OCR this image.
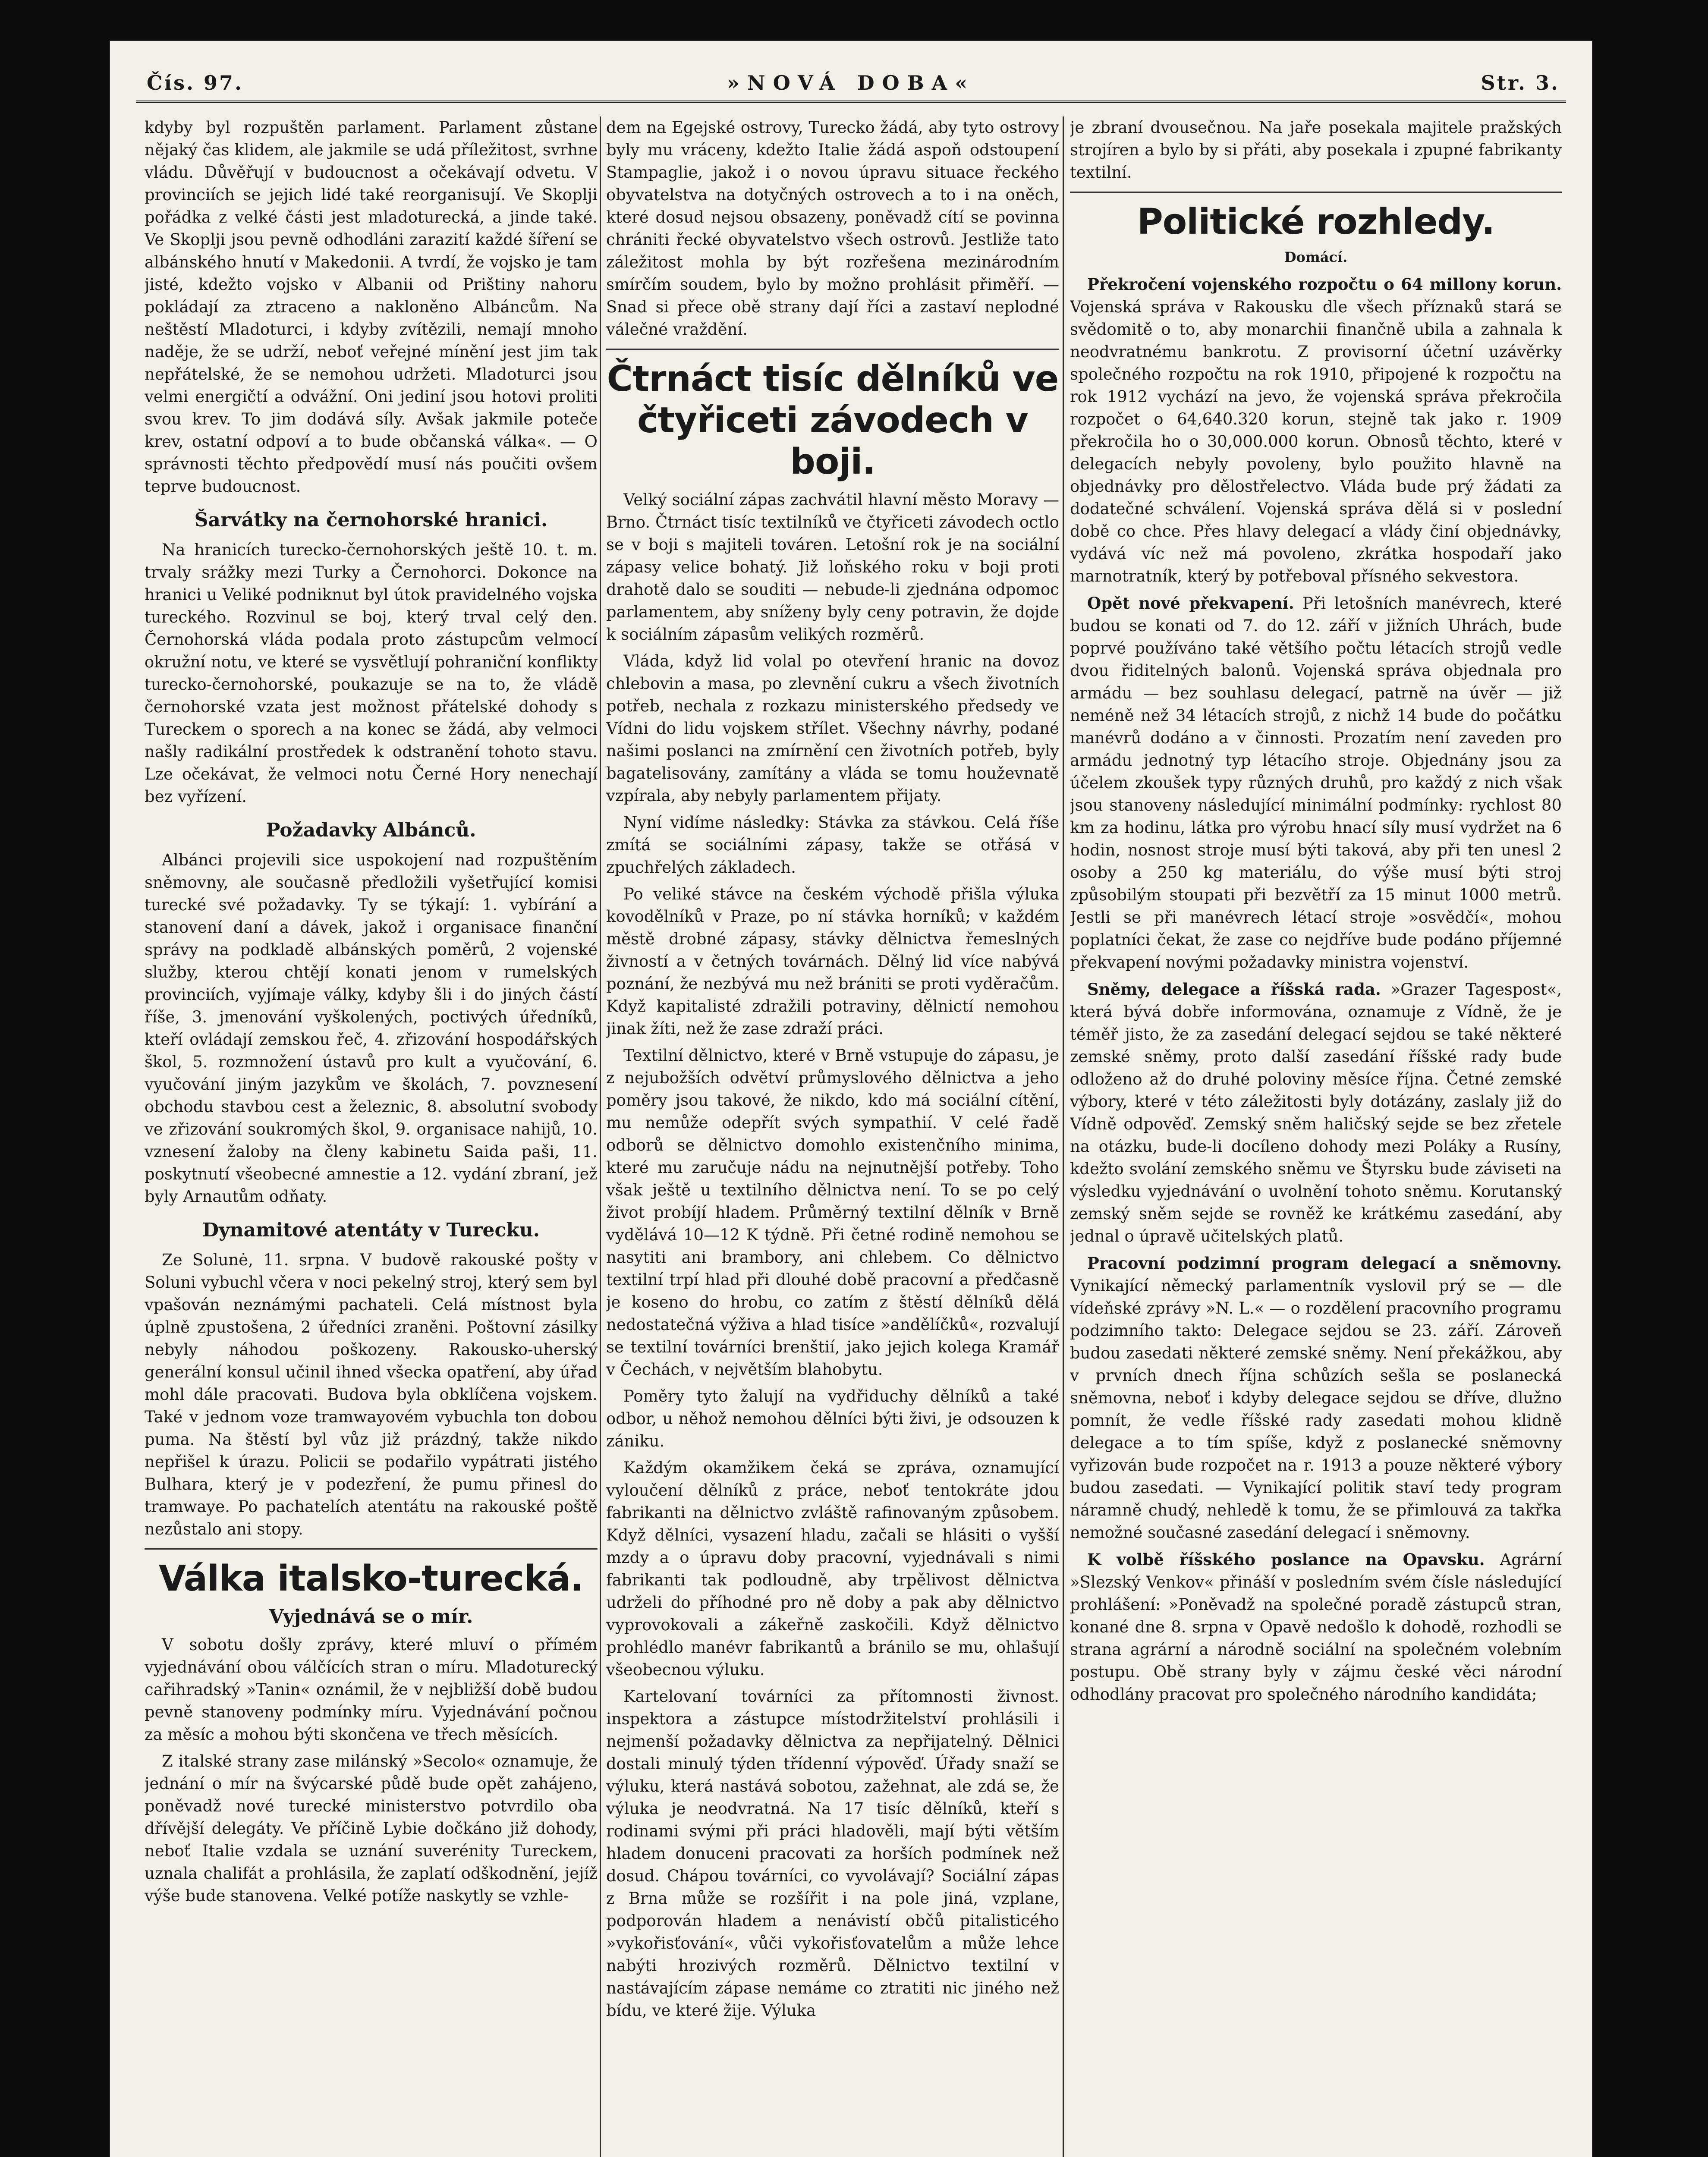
Čís. 97.	»NOVÁ DOBA«	Str. 3.

kdyby byl rozpuštěn parlament. Parlament zůstane nějaký čas klidem, ale jakmile se udá příležitost, svrhne vládu. Důvěřují v budoucnost a očekávají odvetu. V provinciích se jejich lidé také reorganisují. Ve Skoplji pořádka z velké části jest mladoturecká, a jinde také. Ve Skoplji jsou pevně odhodláni zarazití každé šíření se albánského hnutí v Makedonii. A tvrdí, že vojsko je tam jisté, kdežto vojsko v Albanii od Prištiny nahoru pokládají za ztraceno a nakloněno Albáncům. Na neštěstí Mladoturci, i kdyby zvítězili, nemají mnoho naděje, že se udrží, neboť veřejné mínění jest jim tak nepřátelské, že se nemohou udržeti. Mladoturci jsou velmi energičtí a odvážní. Oni jediní jsou hotovi proliti svou krev. To jim dodává síly. Avšak jakmile poteče krev, ostatní odpoví a to bude občanská válka«. — O správnosti těchto předpovědí musí nás poučiti ovšem teprve budoucnost.

Šarvátky na černohorské hranici.

Na hranicích turecko-černohorských ještě 10. t. m. trvaly srážky mezi Turky a Černohorci. Dokonce na hranici u Veliké podniknut byl útok pravidelného vojska tureckého. Rozvinul se boj, který trval celý den. Černohorská vláda podala proto zástupcům velmocí okružní notu, ve které se vysvětlují pohraniční konflikty turecko-černohorské, poukazuje se na to, že vládě černohorské vzata jest možnost přátelské dohody s Tureckem o sporech a na konec se žádá, aby velmoci našly radikální prostředek k odstranění tohoto stavu. Lze očekávat, že velmoci notu Černé Hory nenechají bez vyřízení.

Požadavky Albánců.

Albánci projevili sice uspokojení nad rozpuštěním sněmovny, ale současně předložili vyšetřující komisi turecké své požadavky. Ty se týkají: 1. vybírání a stanovení daní a dávek, jakož i organisace finanční správy na podkladě albánských poměrů, 2 vojenské služby, kterou chtějí konati jenom v rumelských provinciích, vyjímaje války, kdyby šli i do jiných částí říše, 3. jmenování vyškolených, poctivých úředníků, kteří ovládají zemskou řeč, 4. zřizování hospodářských škol, 5. rozmnožení ústavů pro kult a vyučování, 6. vyučování jiným jazykům ve školách, 7. povznesení obchodu stavbou cest a železnic, 8. absolutní svobody ve zřizování soukromých škol, 9. organisace nahijů, 10. vznesení žaloby na členy kabinetu Saida paši, 11. poskytnutí všeobecné amnestie a 12. vydání zbraní, jež byly Arnautům odňaty.

Dynamitové atentáty v Turecku.

Ze Solunė, 11. srpna. V budově rakouské pošty v Soluni vybuchl včera v noci pekelný stroj, který sem byl vpašován neznámými pachateli. Celá místnost byla úplně zpustošena, 2 úředníci zraněni. Poštovní zásilky nebyly náhodou poškozeny. Rakousko-uherský generální konsul učinil ihned všecka opatření, aby úřad mohl dále pracovati. Budova byla obklíčena vojskem. Také v jednom voze tramwayovém vybuchla ton dobou puma. Na štěstí byl vůz již prázdný, takže nikdo nepřišel k úrazu. Policii se podařilo vypátrati jistého Bulhara, který je v podezření, že pumu přinesl do tramwaye. Po pachatelích atentátu na rakouské poště nezůstalo ani stopy.

Válka italsko-turecká.
Vyjednává se o mír.

V sobotu došly zprávy, které mluví o přímém vyjednávání obou válčících stran o míru. Mladoturecký cařihradský »Tanin« oznámil, že v nejbližší době budou pevně stanoveny podmínky míru. Vyjednávání počnou za měsíc a mohou býti skončena ve třech měsících.

Z italské strany zase milánský »Secolo« oznamuje, že jednání o mír na švýcarské půdě bude opět zahájeno, poněvadž nové turecké ministerstvo potvrdilo oba dřívější delegáty. Ve příčině Lybie dočkáno již dohody, neboť Italie vzdala se uznání suverénity Tureckem, uznala chalifát a prohlásila, že zaplatí odškodnění, jejíž výše bude stanovena. Velké potíže naskytly se vzhle-

dem na Egejské ostrovy, Turecko žádá, aby tyto ostrovy byly mu vráceny, kdežto Italie žádá aspoň odstoupení Stampaglie, jakož i o novou úpravu situace řeckého obyvatelstva na dotyčných ostrovech a to i na oněch, které dosud nejsou obsazeny, poněvadž cítí se povinna chrániti řecké obyvatelstvo všech ostrovů. Jestliže tato záležitost mohla by být rozřešena mezinárodním smírčím soudem, bylo by možno prohlásit přiměří. — Snad si přece obě strany dají říci a zastaví neplodné válečné vraždění.

Čtrnáct tisíc dělníků ve čtyřiceti závodech v boji.

Velký sociální zápas zachvátil hlavní město Moravy — Brno. Čtrnáct tisíc textilníků ve čtyřiceti závodech octlo se v boji s majiteli továren. Letošní rok je na sociální zápasy velice bohatý. Již loňského roku v boji proti drahotě dalo se souditi — nebude-li zjednána odpomoc parlamentem, aby sníženy byly ceny potravin, že dojde k sociálním zápasům velikých rozměrů.

Vláda, když lid volal po otevření hranic na dovoz chlebovin a masa, po zlevnění cukru a všech životních potřeb, nechala z rozkazu ministerského předsedy ve Vídni do lidu vojskem střílet. Všechny návrhy, podané našimi poslanci na zmírnění cen životních potřeb, byly bagatelisovány, zamítány a vláda se tomu houževnatě vzpírala, aby nebyly parlamentem přijaty.

Nyní vidíme následky: Stávka za stávkou. Celá říše zmítá se sociálními zápasy, takže se otřásá v zpuchřelých základech.

Po veliké stávce na českém východě přišla výluka kovodělníků v Praze, po ní stávka horníků; v každém městě drobné zápasy, stávky dělnictva řemeslných živností a v četných továrnách. Dělný lid více nabývá poznání, že nezbývá mu než brániti se proti vyděračům. Když kapitalisté zdražili potraviny, dělnictí nemohou jinak žíti, než že zase zdraží práci.

Textilní dělnictvo, které v Brně vstupuje do zápasu, je z nejubožších odvětví průmyslového dělnictva a jeho poměry jsou takové, že nikdo, kdo má sociální cítění, mu nemůže odepřít svých sympathií. V celé řadě odborů se dělnictvo domohlo existenčního minima, které mu zaručuje nádu na nejnutnější potřeby. Toho však ještě u textilního dělnictva není. To se po celý život probíjí hladem. Průměrný textilní dělník v Brně vydělává 10—12 K týdně. Při četné rodině nemohou se nasytiti ani brambory, ani chlebem. Co dělnictvo textilní trpí hlad při dlouhé době pracovní a předčasně je koseno do hrobu, co zatím z štěstí dělníků dělá nedostatečná výživa a hlad tisíce »andělíčků«, rozvalují se textilní továrníci brenštií, jako jejich kolega Kramář v Čechách, v největším blahobytu.

Poměry tyto žalují na vydřiduchy dělníků a také odbor, u něhož nemohou dělníci býti živi, je odsouzen k zániku.

Každým okamžikem čeká se zpráva, oznamující vyloučení dělníků z práce, neboť tentokráte jdou fabrikanti na dělnictvo zvláště rafinovaným způsobem. Když dělníci, vysazení hladu, začali se hlásiti o vyšší mzdy a o úpravu doby pracovní, vyjednávali s nimi fabrikanti tak podloudně, aby trpělivost dělnictva udrželi do příhodné pro ně doby a pak aby dělnictvo vyprovokovali a zákeřně zaskočili. Když dělnictvo prohlédlo manévr fabrikantů a bránilo se mu, ohlašují všeobecnou výluku.

Kartelovaní továrníci za přítomnosti živnost. inspektora a zástupce místodržitelství prohlásili i nejmenší požadavky dělnictva za nepřijatelný. Dělnici dostali minulý týden třídenní výpověď. Úřady snaží se výluku, která nastává sobotou, zažehnat, ale zdá se, že výluka je neodvratná. Na 17 tisíc dělníků, kteří s rodinami svými při práci hladověli, mají býti větším hladem donuceni pracovati za horších podmínek než dosud. Chápou továrníci, co vyvolávají? Sociální zápas z Brna může se rozšířit i na pole jiná, vzplane, podporován hladem a nenávistí občů pitalisticého »vykořisťování«, vůči vykořisťovatelům a může lehce nabýti hrozivých rozměrů. Dělnictvo textilní v nastávajícím zápase nemáme co ztratiti nic jiného než bídu, ve které žije. Výluka

je zbraní dvousečnou. Na jaře posekala majitele pražských strojíren a bylo by si přáti, aby posekala i zpupné fabrikanty textilní.

Politické rozhledy.
Domácí.

Překročení vojenského rozpočtu o 64 millony korun. Vojenská správa v Rakousku dle všech příznaků stará se svědomitě o to, aby monarchii finančně ubila a zahnala k neodvratnému bankrotu. Z provisorní účetní uzávěrky společného rozpočtu na rok 1910, připojené k rozpočtu na rok 1912 vychází na jevo, že vojenská správa překročila rozpočet o 64,640.320 korun, stejně tak jako r. 1909 překročila ho o 30,000.000 korun. Obnosů těchto, které v delegacích nebyly povoleny, bylo použito hlavně na objednávky pro dělostřelectvo. Vláda bude prý žádati za dodatečné schválení. Vojenská správa dělá si v poslední době co chce. Přes hlavy delegací a vlády činí objednávky, vydává víc než má povoleno, zkrátka hospodaří jako marnotratník, který by potřeboval přísného sekvestora.

Opět nové překvapení. Při letošních manévrech, které budou se konati od 7. do 12. září v jižních Uhrách, bude poprvé používáno také většího počtu létacích strojů vedle dvou řiditelných balonů. Vojenská správa objednala pro armádu — bez souhlasu delegací, patrně na úvěr — již neméně než 34 létacích strojů, z nichž 14 bude do počátku manévrů dodáno a v činnosti. Prozatím není zaveden pro armádu jednotný typ létacího stroje. Objednány jsou za účelem zkoušek typy různých druhů, pro každý z nich však jsou stanoveny následující minimální podmínky: rychlost 80 km za hodinu, látka pro výrobu hnací síly musí vydržet na 6 hodin, nosnost stroje musí býti taková, aby při ten unesl 2 osoby a 250 kg materiálu, do výše musí býti stroj způsobilým stoupati při bezvětří za 15 minut 1000 metrů. Jestli se při manévrech létací stroje »osvědčí«, mohou poplatníci čekat, že zase co nejdříve bude podáno příjemné překvapení novými požadavky ministra vojenství.

Sněmy, delegace a říšská rada. »Grazer Tagespost«, která bývá dobře informována, oznamuje z Vídně, že je téměř jisto, že za zasedání delegací sejdou se také některé zemské sněmy, proto další zasedání říšské rady bude odloženo až do druhé poloviny měsíce října. Četné zemské výbory, které v této záležitosti byly dotázány, zaslaly již do Vídně odpověď. Zemský sněm haličský sejde se bez zřetele na otázku, bude-li docíleno dohody mezi Poláky a Rusíny, kdežto svolání zemského sněmu ve Štyrsku bude záviseti na výsledku vyjednávání o uvolnění tohoto sněmu. Korutanský zemský sněm sejde se rovněž ke krátkému zasedání, aby jednal o úpravě učitelských platů.

Pracovní podzimní program delegací a sněmovny. Vynikající německý parlamentník vyslovil prý se — dle vídeňské zprávy »N. L.« — o rozdělení pracovního programu podzimního takto: Delegace sejdou se 23. září. Zároveň budou zasedati některé zemské sněmy. Není překážkou, aby v prvních dnech října schůzích sešla se poslanecká sněmovna, neboť i kdyby delegace sejdou se dříve, dlužno pomnít, že vedle říšské rady zasedati mohou klidně delegace a to tím spíše, když z poslanecké sněmovny vyřizován bude rozpočet na r. 1913 a pouze některé výbory budou zasedati. — Vynikající politik staví tedy program náramně chudý, nehledě k tomu, že se přimlouvá za takřka nemožné současné zasedání delegací i sněmovny.

K volbě říšského poslance na Opavsku. Agrární »Slezský Venkov« přináší v posledním svém čísle následující prohlášení: »Poněvadž na společné poradě zástupců stran, konané dne 8. srpna v Opavě nedošlo k dohodě, rozhodli se strana agrární a národně sociální na společném volebním postupu. Obě strany byly v zájmu české věci národní odhodlány pracovat pro společného národního kandidáta;
